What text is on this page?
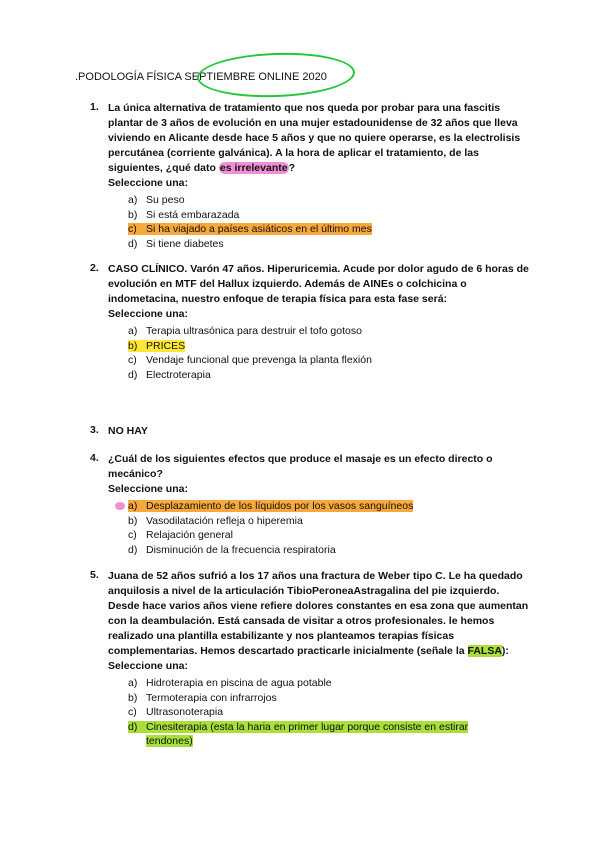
.PODOLOGÍA FÍSICA SEPTIEMBRE ONLINE 2020
1. La única alternativa de tratamiento que nos queda por probar para una fascitis plantar de 3 años de evolución en una mujer estadounidense de 32 años que lleva viviendo en Alicante desde hace 5 años y que no quiere operarse, es la electrolisis percutánea (corriente galvánica). A la hora de aplicar el tratamiento, de las siguientes, ¿qué dato es irrelevante?
Seleccione una:
a) Su peso
b) Si está embarazada
c) Si ha viajado a países asiáticos en el último mes
d) Si tiene diabetes
2. CASO CLÍNICO. Varón 47 años. Hiperuricemia. Acude por dolor agudo de 6 horas de evolución en MTF del Hallux izquierdo. Además de AINEs o colchicina o indometacina, nuestro enfoque de terapia física para esta fase será:
Seleccione una:
a) Terapia ultrasónica para destruir el tofo gotoso
b) PRICES
c) Vendaje funcional que prevenga la planta flexión
d) Electroterapia
3. NO HAY
4. ¿Cuál de los siguientes efectos que produce el masaje es un efecto directo o mecánico?
Seleccione una:
a) Desplazamiento de los líquidos por los vasos sanguíneos
b) Vasodilatación refleja o hiperemia
c) Relajación general
d) Disminución de la frecuencia respiratoria
5. Juana de 52 años sufrió a los 17 años una fractura de Weber tipo C. Le ha quedado anquilosis a nivel de la articulación TibioPeroneaAstragalina del pie izquierdo. Desde hace varios años viene refiere dolores constantes en esa zona que aumentan con la deambulación. Está cansada de visitar a otros profesionales. le hemos realizado una plantilla estabilizante y nos planteamos terapias físicas complementarias. Hemos descartado practicarle inicialmente (señale la FALSA):
Seleccione una:
a) Hidroterapia en piscina de agua potable
b) Termoterapia con infrarrojos
c) Ultrasonoterapia
d) Cinesiterapia (esta la haria en primer lugar porque consiste en estirar tendones)
